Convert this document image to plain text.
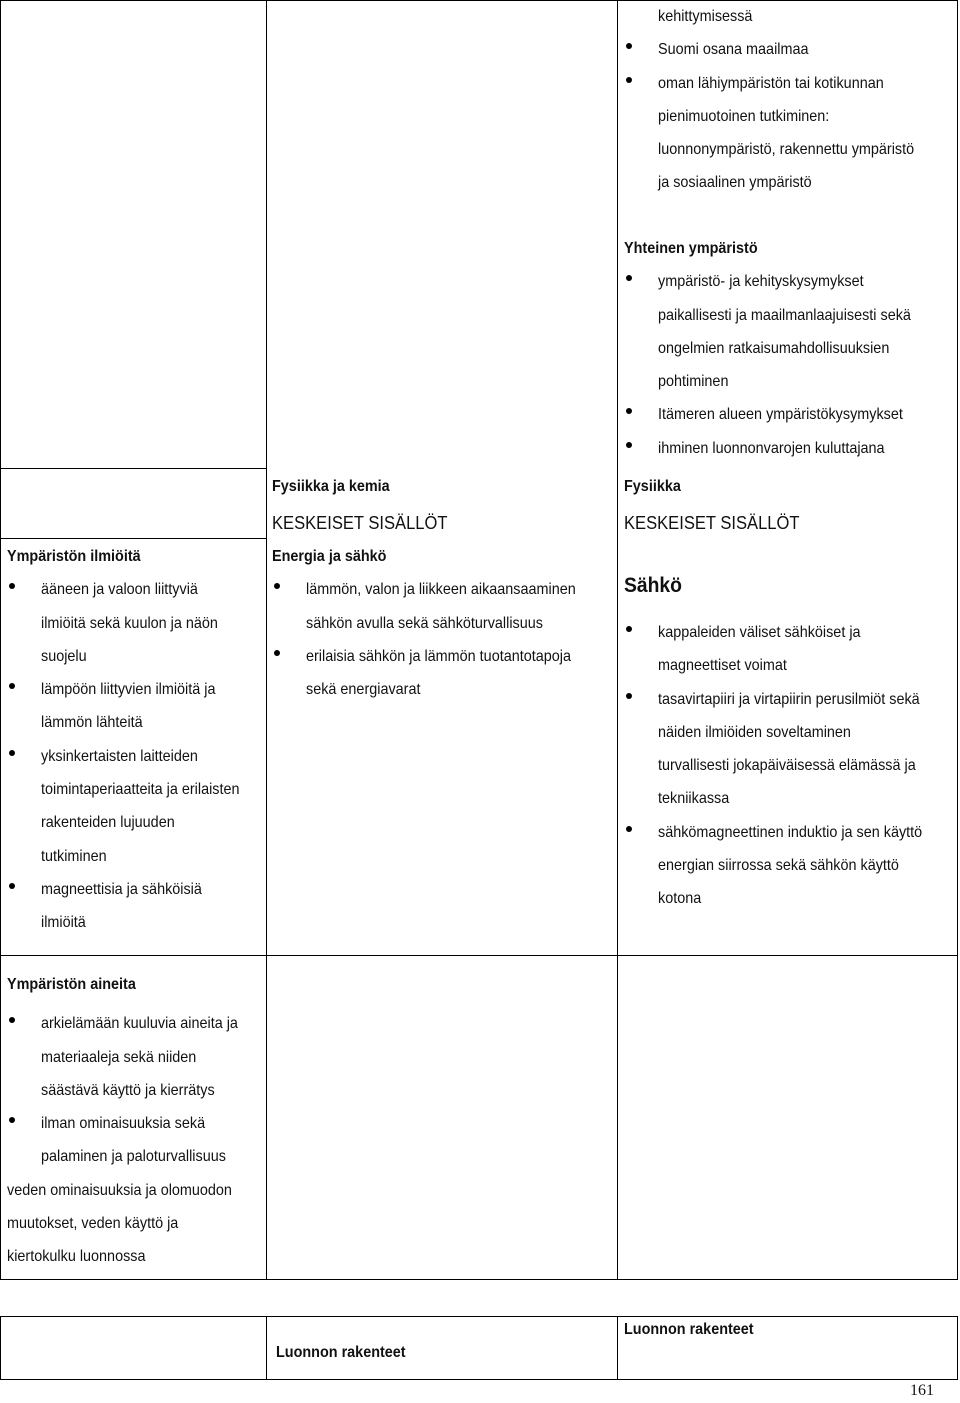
kehittymisessä
Suomi osana maailmaa
oman lähiympäristön tai kotikunnan
pienimuotoinen tutkiminen:
luonnonympäristö, rakennettu ympäristö
ja sosiaalinen ympäristö
Yhteinen ympäristö
ympäristö- ja kehityskysymykset
paikallisesti ja maailmanlaajuisesti sekä
ongelmien ratkaisumahdollisuuksien
pohtiminen
Itämeren alueen ympäristökysymykset
ihminen luonnonvarojen kuluttajana
Fysiikka ja kemia
KESKEISET SISÄLLÖT
Fysiikka
KESKEISET SISÄLLÖT
Ympäristön ilmiöitä
ääneen ja valoon liittyviä
ilmiöitä sekä kuulon ja näön
suojelu
lämpöön liittyvien ilmiöitä ja
lämmön lähteitä
yksinkertaisten laitteiden
toimintaperiaatteita ja erilaisten
rakenteiden lujuuden
tutkiminen
magneettisia ja sähköisiä
ilmiöitä
Energia ja sähkö
lämmön, valon ja liikkeen aikaansaaminen
sähkön avulla sekä sähköturvallisuus
erilaisia sähkön ja lämmön tuotantotapoja
sekä energiavarat
Sähkö
kappaleiden väliset sähköiset ja
magneettiset voimat
tasavirtapiiri ja virtapiirin perusilmiöt sekä
näiden ilmiöiden soveltaminen
turvallisesti jokapäiväisessä elämässä ja
tekniikassa
sähkömagneettinen induktio ja sen käyttö
energian siirrossa sekä sähkön käyttö
kotona
Ympäristön aineita
arkielämään kuuluvia aineita ja
materiaaleja sekä niiden
säästävä käyttö ja kierrätys
ilman ominaisuuksia sekä
palaminen ja paloturvallisuus
veden ominaisuuksia ja olomuodon
muutokset, veden käyttö ja
kiertokulku luonnossa
Luonnon rakenteet
Luonnon rakenteet
161
